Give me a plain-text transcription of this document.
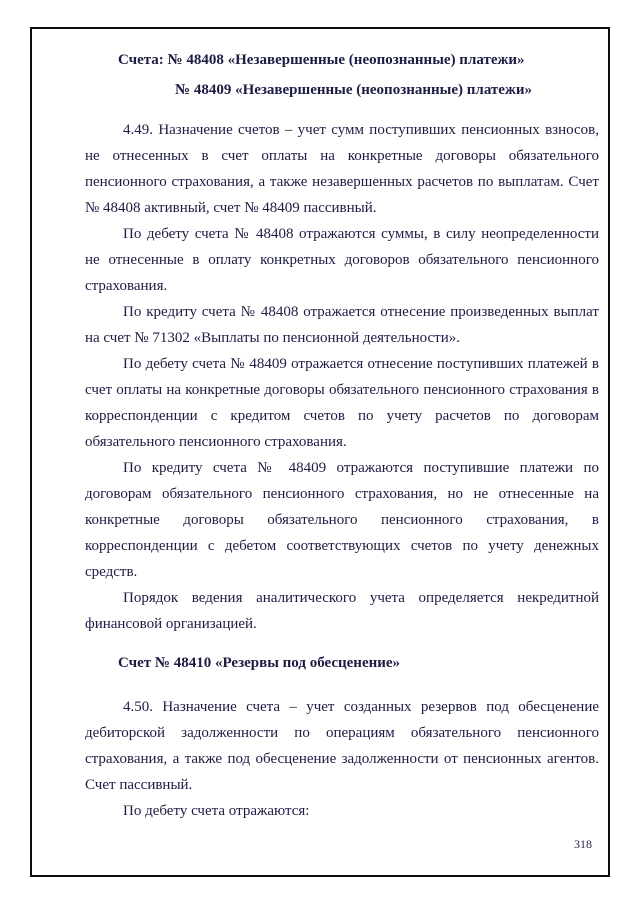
Счета: № 48408 «Незавершенные (неопознанные) платежи»
№ 48409 «Незавершенные (неопознанные) платежи»

4.49. Назначение счетов – учет сумм поступивших пенсионных взносов, не отнесенных в счет оплаты на конкретные договоры обязательного пенсионного страхования, а также незавершенных расчетов по выплатам. Счет № 48408 активный, счет № 48409 пассивный.

По дебету счета № 48408 отражаются суммы, в силу неопределенности не отнесенные в оплату конкретных договоров обязательного пенсионного страхования.

По кредиту счета № 48408 отражается отнесение произведенных выплат на счет № 71302 «Выплаты по пенсионной деятельности».

По дебету счета № 48409 отражается отнесение поступивших платежей в счет оплаты на конкретные договоры обязательного пенсионного страхования в корреспонденции с кредитом счетов по учету расчетов по договорам обязательного пенсионного страхования.

По кредиту счета № 48409 отражаются поступившие платежи по договорам обязательного пенсионного страхования, но не отнесенные на конкретные договоры обязательного пенсионного страхования, в корреспонденции с дебетом соответствующих счетов по учету денежных средств.

Порядок ведения аналитического учета определяется некредитной финансовой организацией.

Счет № 48410 «Резервы под обесценение»

4.50. Назначение счета – учет созданных резервов под обесценение дебиторской задолженности по операциям обязательного пенсионного страхования, а также под обесценение задолженности от пенсионных агентов. Счет пассивный.

По дебету счета отражаются:

318
